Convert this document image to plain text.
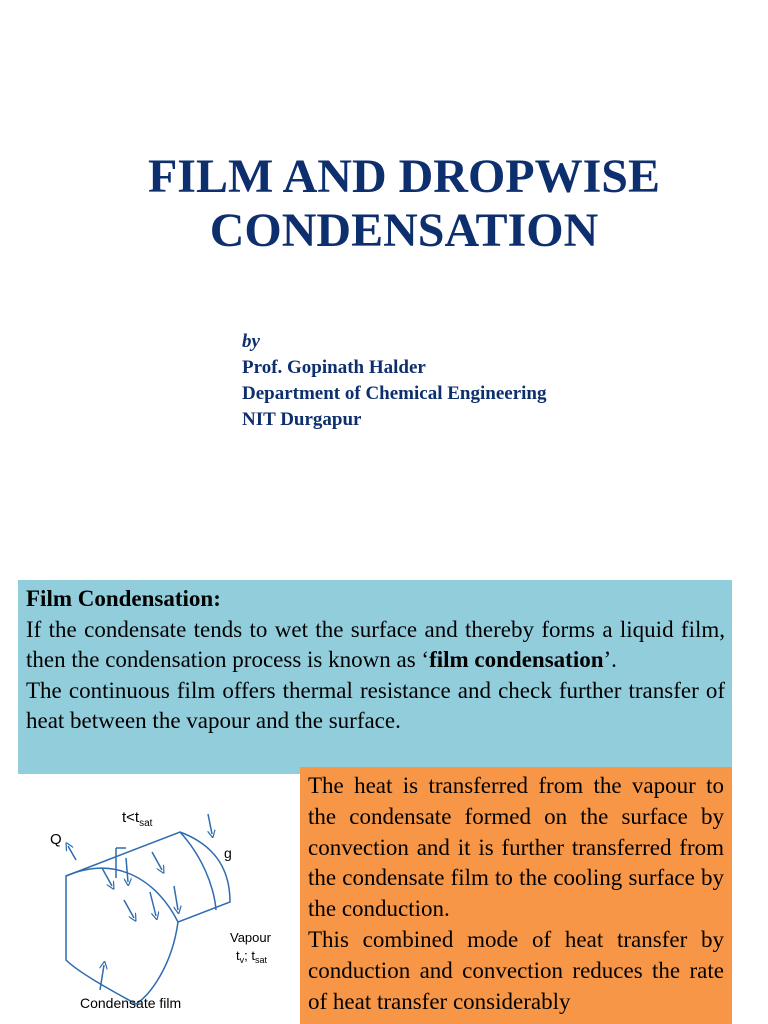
FILM AND DROPWISE
CONDENSATION
by
Prof. Gopinath Halder
Department of Chemical Engineering
NIT Durgapur
Film Condensation:

If the condensate tends to wet the surface and thereby forms a liquid film, then the condensation process is known as ‘film condensation’.

The continuous film offers thermal resistance and check further transfer of heat between the vapour and the surface.

The heat is transferred from the vapour to the condensate formed on the surface by convection and it is further transferred from the condensate film to the cooling surface by the conduction.

This combined mode of heat transfer by conduction and convection reduces the rate of heat transfer considerably

$t<t_{sat}$
Q
g
Vapour
$t_v$; $t_{sat}$
Condensate film
